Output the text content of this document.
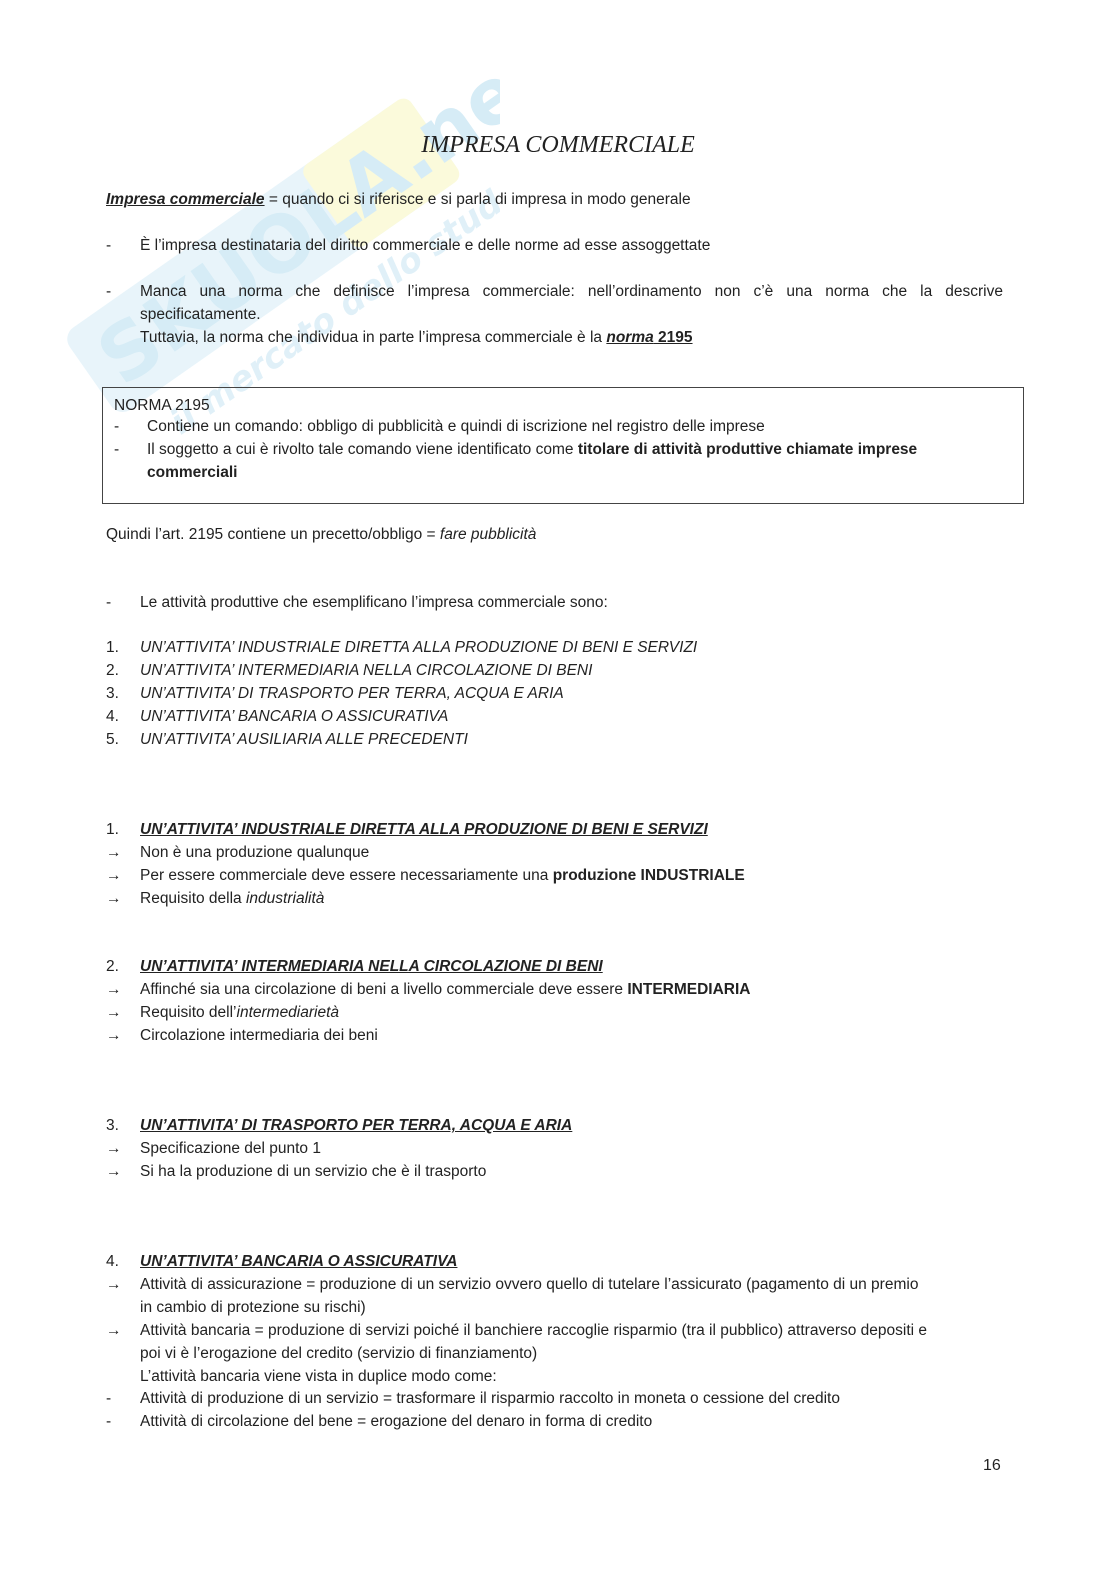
SKUOLA.net
il mercato dello studente
IMPRESA COMMERCIALE
Impresa commerciale = quando ci si riferisce e si parla di impresa in modo generale
-	È l’impresa destinataria del diritto commerciale e delle norme ad esse assoggettate
-	Manca una norma che definisce l’impresa commerciale: nell’ordinamento non c’è una norma che la descrive
specificatamente.
Tuttavia, la norma che individua in parte l’impresa commerciale è la norma 2195
NORMA 2195
-	Contiene un comando: obbligo di pubblicità e quindi di iscrizione nel registro delle imprese
-	Il soggetto a cui è rivolto tale comando viene identificato come titolare di attività produttive chiamate imprese
commerciali
Quindi l’art. 2195 contiene un precetto/obbligo = fare pubblicità
-	Le attività produttive che esemplificano l’impresa commerciale sono:
1.	UN’ATTIVITA’ INDUSTRIALE DIRETTA ALLA PRODUZIONE DI BENI E SERVIZI
2.	UN’ATTIVITA’ INTERMEDIARIA NELLA CIRCOLAZIONE DI BENI
3.	UN’ATTIVITA’ DI TRASPORTO PER TERRA, ACQUA E ARIA
4.	UN’ATTIVITA’ BANCARIA O ASSICURATIVA
5.	UN’ATTIVITA’ AUSILIARIA ALLE PRECEDENTI
1.	UN’ATTIVITA’ INDUSTRIALE DIRETTA ALLA PRODUZIONE DI BENI E SERVIZI
→	Non è una produzione qualunque
→	Per essere commerciale deve essere necessariamente una produzione INDUSTRIALE
→	Requisito della industrialità
2.	UN’ATTIVITA’ INTERMEDIARIA NELLA CIRCOLAZIONE DI BENI
→	Affinché sia una circolazione di beni a livello commerciale deve essere INTERMEDIARIA
→	Requisito dell’intermediarietà
→	Circolazione intermediaria dei beni
3.	UN’ATTIVITA’ DI TRASPORTO PER TERRA, ACQUA E ARIA
→	Specificazione del punto 1
→	Si ha la produzione di un servizio che è il trasporto
4.	UN’ATTIVITA’ BANCARIA O ASSICURATIVA
→	Attività di assicurazione = produzione di un servizio ovvero quello di tutelare l’assicurato (pagamento di un premio
in cambio di protezione su rischi)
→	Attività bancaria = produzione di servizi poiché il banchiere raccoglie risparmio (tra il pubblico) attraverso depositi e
poi vi è l’erogazione del credito (servizio di finanziamento)
L’attività bancaria viene vista in duplice modo come:
-	Attività di produzione di un servizio = trasformare il risparmio raccolto in moneta o cessione del credito
-	Attività di circolazione del bene = erogazione del denaro in forma di credito
16
